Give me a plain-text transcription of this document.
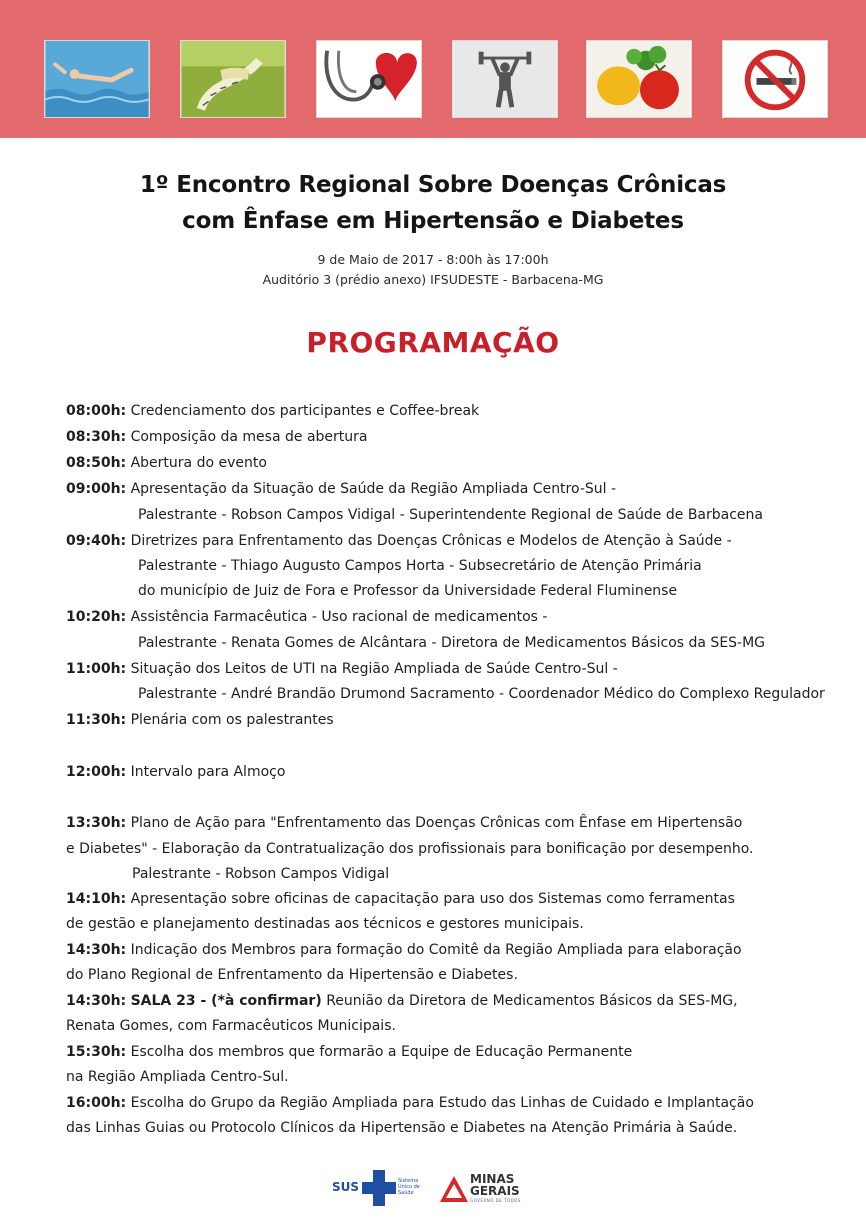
1º Encontro Regional Sobre Doenças Crônicas
com Ênfase em Hipertensão e Diabetes
9 de Maio de 2017 - 8:00h às 17:00h
Auditório 3 (prédio anexo) IFSUDESTE - Barbacena-MG
PROGRAMAÇÃO
08:00h: Credenciamento dos participantes e Coffee-break
08:30h: Composição da mesa de abertura
08:50h: Abertura do evento
09:00h: Apresentação da Situação de Saúde da Região Ampliada Centro-Sul -
Palestrante - Robson Campos Vidigal - Superintendente Regional de Saúde de Barbacena
09:40h: Diretrizes para Enfrentamento das Doenças Crônicas e Modelos de Atenção à Saúde -
Palestrante - Thiago Augusto Campos Horta - Subsecretário de Atenção Primária
do município de Juiz de Fora e Professor da Universidade Federal Fluminense
10:20h: Assistência Farmacêutica - Uso racional de medicamentos -
Palestrante - Renata Gomes de Alcântara - Diretora de Medicamentos Básicos da SES-MG
11:00h: Situação dos Leitos de UTI na Região Ampliada de Saúde Centro-Sul -
Palestrante - André Brandão Drumond Sacramento - Coordenador Médico do Complexo Regulador
11:30h: Plenária com os palestrantes
12:00h: Intervalo para Almoço
13:30h: Plano de Ação para "Enfrentamento das Doenças Crônicas com Ênfase em Hipertensão
e Diabetes" - Elaboração da Contratualização dos profissionais para bonificação por desempenho.
Palestrante - Robson Campos Vidigal
14:10h: Apresentação sobre oficinas de capacitação para uso dos Sistemas como ferramentas
de gestão e planejamento destinadas aos técnicos e gestores municipais.
14:30h: Indicação dos Membros para formação do Comitê da Região Ampliada para elaboração
do Plano Regional de Enfrentamento da Hipertensão e Diabetes.
14:30h: SALA 23 - (*à confirmar) Reunião da Diretora de Medicamentos Básicos da SES-MG,
Renata Gomes, com Farmacêuticos Municipais.
15:30h: Escolha dos membros que formarão a Equipe de Educação Permanente
na Região Ampliada Centro-Sul.
16:00h: Escolha do Grupo da Região Ampliada para Estudo das Linhas de Cuidado e Implantação
das Linhas Guias ou Protocolo Clínicos da Hipertensão e Diabetes na Atenção Primária à Saúde.
SUS	Sistema Único de Saúde
MINAS
GERAIS
GOVERNO DE TODOS
